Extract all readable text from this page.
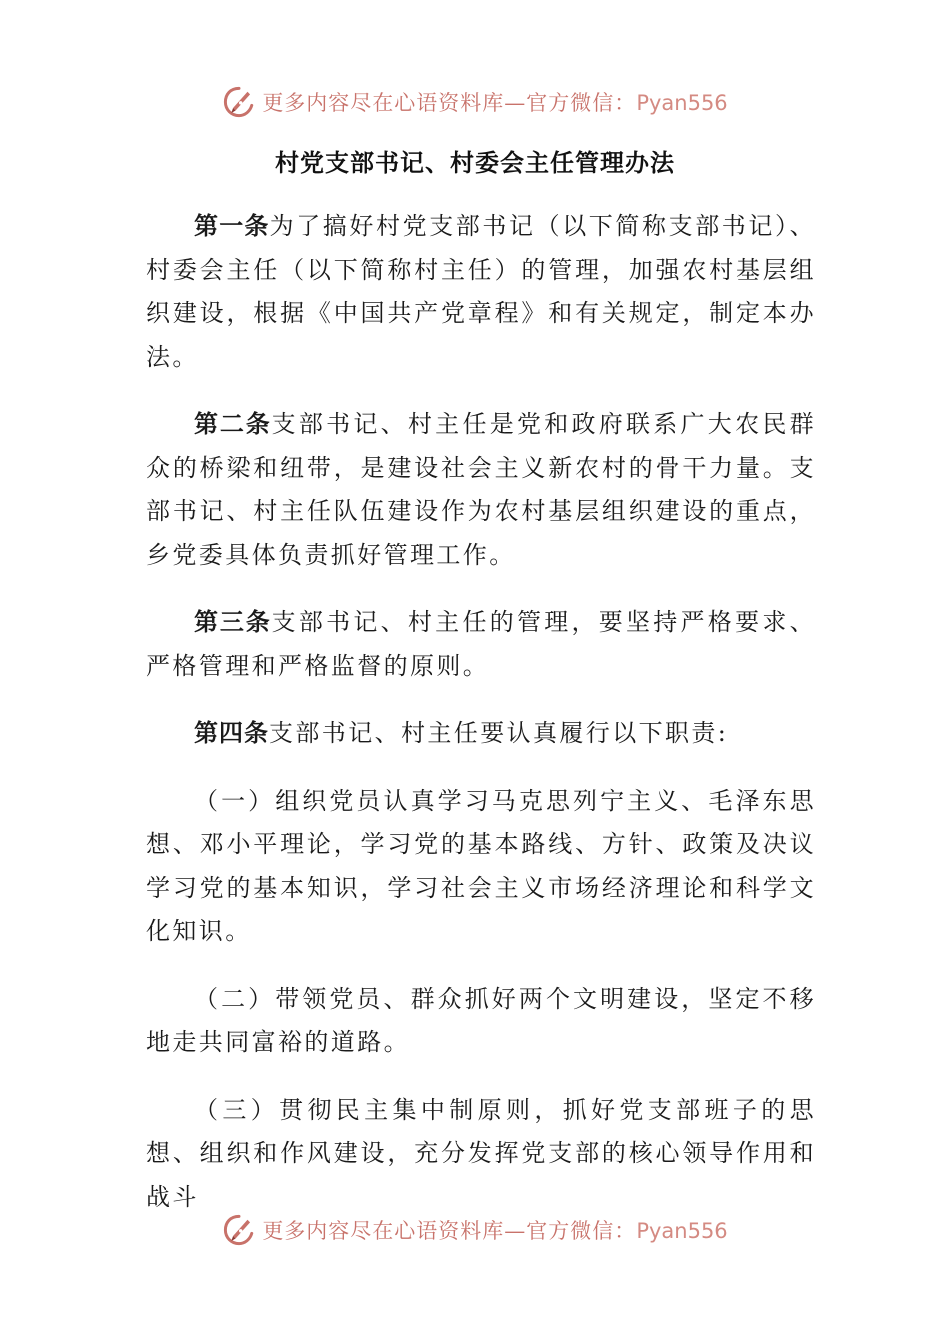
更多内容尽在心语资料库—官方微信：Pyan556
村党支部书记、村委会主任管理办法

第一条为了搞好村党支部书记（以下简称支部书记）、村委会主任（以下简称村主任）的管理，加强农村基层组织建设，根据《中国共产党章程》和有关规定，制定本办法。

第二条支部书记、村主任是党和政府联系广大农民群众的桥梁和纽带，是建设社会主义新农村的骨干力量。支部书记、村主任队伍建设作为农村基层组织建设的重点，乡党委具体负责抓好管理工作。

第三条支部书记、村主任的管理，要坚持严格要求、严格管理和严格监督的原则。

第四条支部书记、村主任要认真履行以下职责:

（一）组织党员认真学习马克思列宁主义、毛泽东思想、邓小平理论，学习党的基本路线、方针、政策及决议学习党的基本知识，学习社会主义市场经济理论和科学文化知识。

（二）带领党员、群众抓好两个文明建设，坚定不移地走共同富裕的道路。

（三）贯彻民主集中制原则，抓好党支部班子的思想、组织和作风建设，充分发挥党支部的核心领导作用和战斗

更多内容尽在心语资料库—官方微信：Pyan556
